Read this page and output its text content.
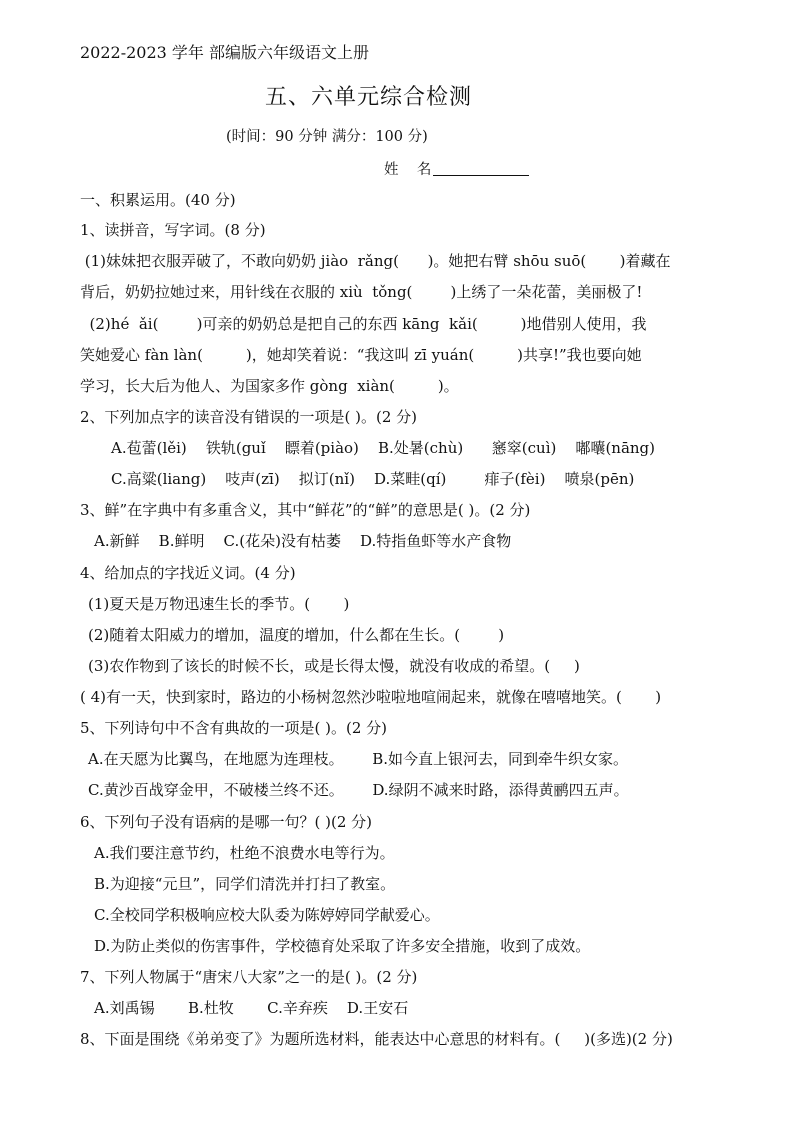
2022-2023 学年 部编版六年级语文上册
五、六单元综合检测
(时间：90 分钟 满分：100 分)
姓    名
一、积累运用。(40 分)
1、读拼音，写字词。(8 分)
(1)妹妹把衣服弄破了，不敢向奶奶 jiào  rǎng(      )。她把右臂 shōu suō(       )着藏在
背后，奶奶拉她过来，用针线在衣服的 xiù  tǒng(        )上绣了一朵花蕾，美丽极了!
(2)hé  ǎi(        )可亲的奶奶总是把自己的东西 kāng  kǎi(         )地借别人使用，我
笑她爱心 fàn làn(         )，她却笑着说：“我这叫 zī yuán(         )共享!”我也要向她
学习，长大后为他人、为国家多作 gòng  xiàn(         )。
2、下列加点字的读音没有错误的一项是( )。(2 分)
A.苞蕾(lěi)    铁轨(guǐ    瞟着(piào)    B.处暑(chù)      窸窣(cuì)    嘟囔(nāng)
C.高粱(liang)    吱声(zī)    拟订(nǐ)    D.菜畦(qí)        痱子(fèi)    喷泉(pēn)
3、鲜”在字典中有多重含义，其中“鲜花”的“鲜”的意思是( )。(2 分)
A.新鲜    B.鲜明    C.(花朵)没有枯萎    D.特指鱼虾等水产食物
4、给加点的字找近义词。(4 分)
(1)夏天是万物迅速生长的季节。(       )
(2)随着太阳威力的增加，温度的增加，什么都在生长。(        )
(3)农作物到了该长的时候不长，或是长得太慢，就没有收成的希望。(     )
( 4)有一天，快到家时，路边的小杨树忽然沙啦啦地喧闹起来，就像在嘻嘻地笑。(       )
5、下列诗句中不含有典故的一项是( )。(2 分)
A.在天愿为比翼鸟，在地愿为连理枝。      B.如今直上银河去，同到牵牛织女家。
C.黄沙百战穿金甲，不破楼兰终不还。      D.绿阴不减来时路，添得黄鹂四五声。
6、下列句子没有语病的是哪一句？( )(2 分)
A.我们要注意节约，杜绝不浪费水电等行为。
B.为迎接“元旦”，同学们清洗并打扫了教室。
C.全校同学积极响应校大队委为陈婷婷同学献爱心。
D.为防止类似的伤害事件，学校德育处采取了许多安全措施，收到了成效。
7、下列人物属于“唐宋八大家”之一的是( )。(2 分)
A.刘禹锡       B.杜牧       C.辛弃疾    D.王安石
8、下面是围绕《弟弟变了》为题所选材料，能表达中心意思的材料有。(     )(多选)(2 分)
